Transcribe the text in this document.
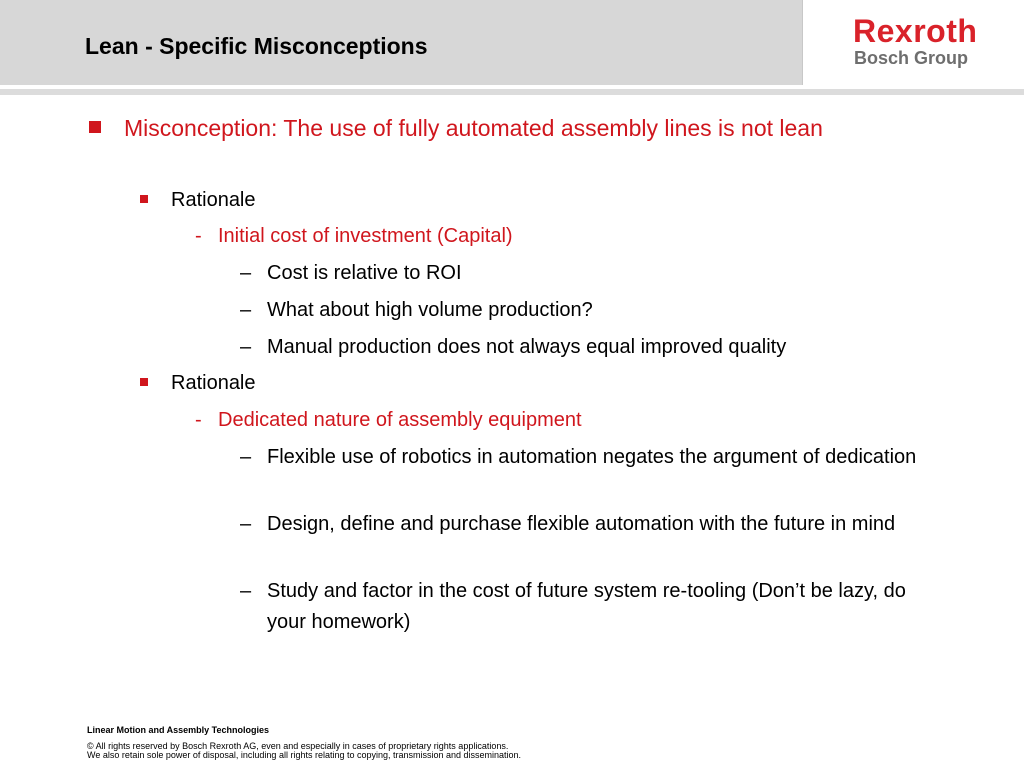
Rexroth
Bosch Group
Lean - Specific Misconceptions
Misconception: The use of fully automated assembly lines is not lean
Rationale
- Initial cost of investment (Capital)
– Cost is relative to ROI
– What about high volume production?
– Manual production does not always equal improved quality
Rationale
- Dedicated nature of assembly equipment
– Flexible use of robotics in automation negates the argument of dedication
– Design, define and purchase flexible automation with the future in mind
– Study and factor in the cost of future system re-tooling (Don’t be lazy, do your homework)
Linear Motion and Assembly Technologies
© All rights reserved by Bosch Rexroth AG, even and especially in cases of proprietary rights applications.
We also retain sole power of disposal, including all rights relating to copying, transmission and dissemination.
